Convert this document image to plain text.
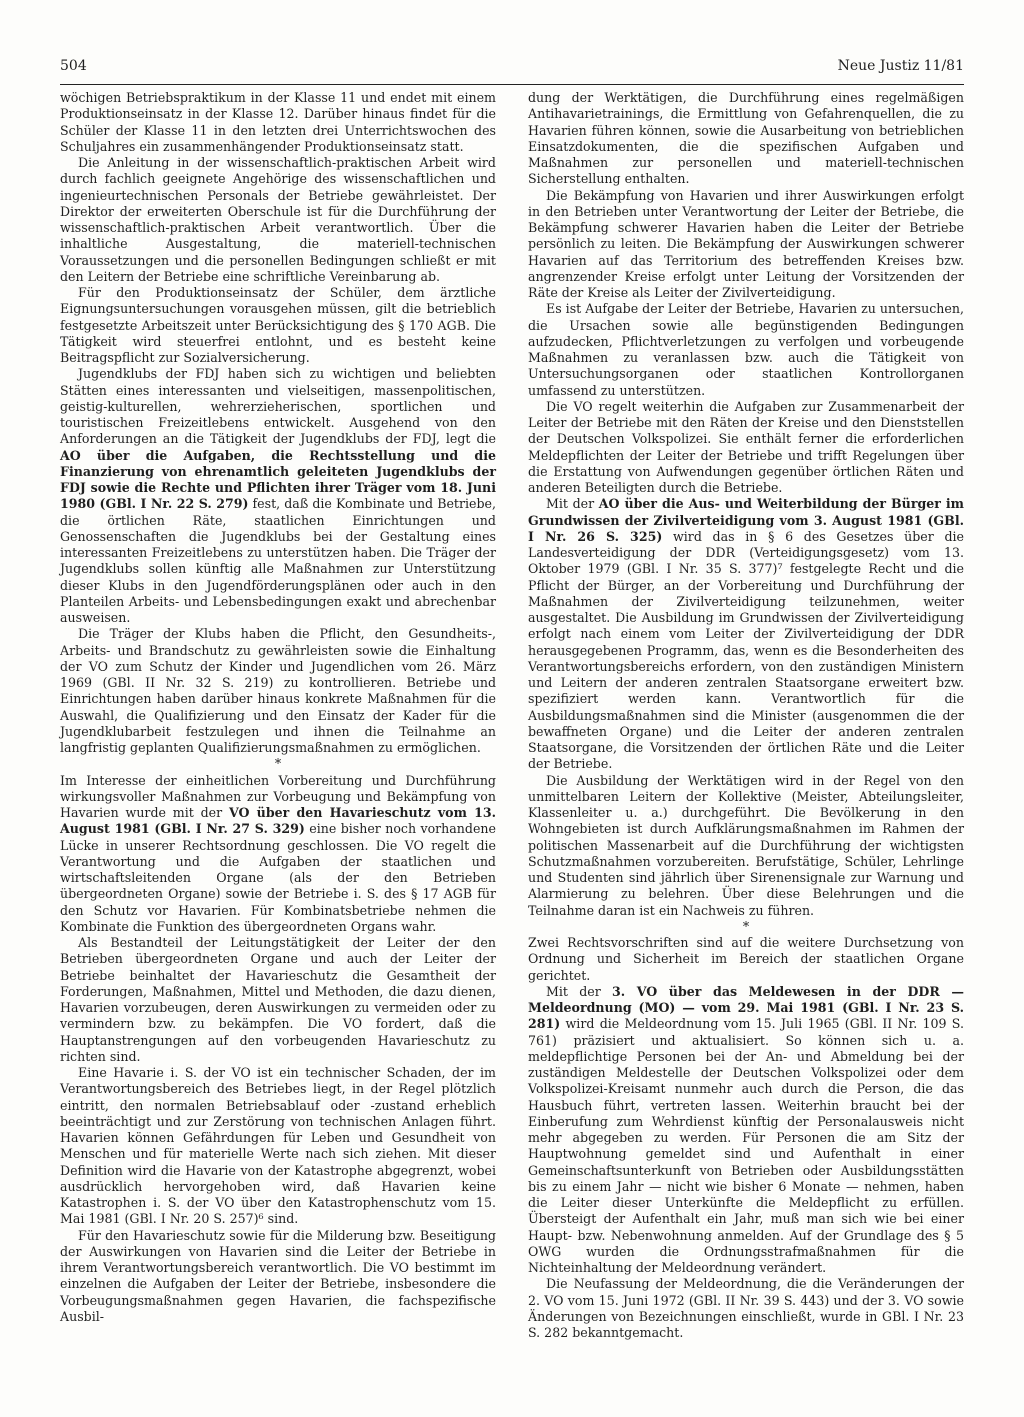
504	Neue Justiz 11/81

wöchigen Betriebspraktikum in der Klasse 11 und endet mit einem Produktionseinsatz in der Klasse 12. Darüber hinaus findet für die Schüler der Klasse 11 in den letzten drei Unterrichtswochen des Schuljahres ein zusammenhängender Produktionseinsatz statt.

Die Anleitung in der wissenschaftlich-praktischen Arbeit wird durch fachlich geeignete Angehörige des wissenschaftlichen und ingenieurtechnischen Personals der Betriebe gewährleistet. Der Direktor der erweiterten Oberschule ist für die Durchführung der wissenschaftlich-praktischen Arbeit verantwortlich. Über die inhaltliche Ausgestaltung, die materiell-technischen Voraussetzungen und die personellen Bedingungen schließt er mit den Leitern der Betriebe eine schriftliche Vereinbarung ab.

Für den Produktionseinsatz der Schüler, dem ärztliche Eignungsuntersuchungen vorausgehen müssen, gilt die betrieblich festgesetzte Arbeitszeit unter Berücksichtigung des § 170 AGB. Die Tätigkeit wird steuerfrei entlohnt, und es besteht keine Beitragspflicht zur Sozialversicherung.

Jugendklubs der FDJ haben sich zu wichtigen und beliebten Stätten eines interessanten und vielseitigen, massenpolitischen, geistig-kulturellen, wehrerzieherischen, sportlichen und touristischen Freizeitlebens entwickelt. Ausgehend von den Anforderungen an die Tätigkeit der Jugendklubs der FDJ, legt die AO über die Aufgaben, die Rechtsstellung und die Finanzierung von ehrenamtlich geleiteten Jugendklubs der FDJ sowie die Rechte und Pflichten ihrer Träger vom 18. Juni 1980 (GBl. I Nr. 22 S. 279) fest, daß die Kombinate und Betriebe, die örtlichen Räte, staatlichen Einrichtungen und Genossenschaften die Jugendklubs bei der Gestaltung eines interessanten Freizeitlebens zu unterstützen haben. Die Träger der Jugendklubs sollen künftig alle Maßnahmen zur Unterstützung dieser Klubs in den Jugendförderungsplänen oder auch in den Planteilen Arbeits- und Lebensbedingungen exakt und abrechenbar ausweisen.

Die Träger der Klubs haben die Pflicht, den Gesundheits-, Arbeits- und Brandschutz zu gewährleisten sowie die Einhaltung der VO zum Schutz der Kinder und Jugendlichen vom 26. März 1969 (GBl. II Nr. 32 S. 219) zu kontrollieren. Betriebe und Einrichtungen haben darüber hinaus konkrete Maßnahmen für die Auswahl, die Qualifizierung und den Einsatz der Kader für die Jugendklubarbeit festzulegen und ihnen die Teilnahme an langfristig geplanten Qualifizierungsmaßnahmen zu ermöglichen.

*

Im Interesse der einheitlichen Vorbereitung und Durchführung wirkungsvoller Maßnahmen zur Vorbeugung und Bekämpfung von Havarien wurde mit der VO über den Havarieschutz vom 13. August 1981 (GBl. I Nr. 27 S. 329) eine bisher noch vorhandene Lücke in unserer Rechtsordnung geschlossen. Die VO regelt die Verantwortung und die Aufgaben der staatlichen und wirtschaftsleitenden Organe (als der den Betrieben übergeordneten Organe) sowie der Betriebe i. S. des § 17 AGB für den Schutz vor Havarien. Für Kombinatsbetriebe nehmen die Kombinate die Funktion des übergeordneten Organs wahr.

Als Bestandteil der Leitungstätigkeit der Leiter der den Betrieben übergeordneten Organe und auch der Leiter der Betriebe beinhaltet der Havarieschutz die Gesamtheit der Forderungen, Maßnahmen, Mittel und Methoden, die dazu dienen, Havarien vorzubeugen, deren Auswirkungen zu vermeiden oder zu vermindern bzw. zu bekämpfen. Die VO fordert, daß die Hauptanstrengungen auf den vorbeugenden Havarieschutz zu richten sind.

Eine Havarie i. S. der VO ist ein technischer Schaden, der im Verantwortungsbereich des Betriebes liegt, in der Regel plötzlich eintritt, den normalen Betriebsablauf oder -zustand erheblich beeinträchtigt und zur Zerstörung von technischen Anlagen führt. Havarien können Gefährdungen für Leben und Gesundheit von Menschen und für materielle Werte nach sich ziehen. Mit dieser Definition wird die Havarie von der Katastrophe abgegrenzt, wobei ausdrücklich hervorgehoben wird, daß Havarien keine Katastrophen i. S. der VO über den Katastrophenschutz vom 15. Mai 1981 (GBl. I Nr. 20 S. 257)⁶ sind.

Für den Havarieschutz sowie für die Milderung bzw. Beseitigung der Auswirkungen von Havarien sind die Leiter der Betriebe in ihrem Verantwortungsbereich verantwortlich. Die VO bestimmt im einzelnen die Aufgaben der Leiter der Betriebe, insbesondere die Vorbeugungsmaßnahmen gegen Havarien, die fachspezifische Ausbil-

dung der Werktätigen, die Durchführung eines regelmäßigen Antihavarietrainings, die Ermittlung von Gefahrenquellen, die zu Havarien führen können, sowie die Ausarbeitung von betrieblichen Einsatzdokumenten, die die spezifischen Aufgaben und Maßnahmen zur personellen und materiell-technischen Sicherstellung enthalten.

Die Bekämpfung von Havarien und ihrer Auswirkungen erfolgt in den Betrieben unter Verantwortung der Leiter der Betriebe, die Bekämpfung schwerer Havarien haben die Leiter der Betriebe persönlich zu leiten. Die Bekämpfung der Auswirkungen schwerer Havarien auf das Territorium des betreffenden Kreises bzw. angrenzender Kreise erfolgt unter Leitung der Vorsitzenden der Räte der Kreise als Leiter der Zivilverteidigung.

Es ist Aufgabe der Leiter der Betriebe, Havarien zu untersuchen, die Ursachen sowie alle begünstigenden Bedingungen aufzudecken, Pflichtverletzungen zu verfolgen und vorbeugende Maßnahmen zu veranlassen bzw. auch die Tätigkeit von Untersuchungsorganen oder staatlichen Kontrollorganen umfassend zu unterstützen.

Die VO regelt weiterhin die Aufgaben zur Zusammenarbeit der Leiter der Betriebe mit den Räten der Kreise und den Dienststellen der Deutschen Volkspolizei. Sie enthält ferner die erforderlichen Meldepflichten der Leiter der Betriebe und trifft Regelungen über die Erstattung von Aufwendungen gegenüber örtlichen Räten und anderen Beteiligten durch die Betriebe.

Mit der AO über die Aus- und Weiterbildung der Bürger im Grundwissen der Zivilverteidigung vom 3. August 1981 (GBl. I Nr. 26 S. 325) wird das in § 6 des Gesetzes über die Landesverteidigung der DDR (Verteidigungsgesetz) vom 13. Oktober 1979 (GBl. I Nr. 35 S. 377)⁷ festgelegte Recht und die Pflicht der Bürger, an der Vorbereitung und Durchführung der Maßnahmen der Zivilverteidigung teilzunehmen, weiter ausgestaltet. Die Ausbildung im Grundwissen der Zivilverteidigung erfolgt nach einem vom Leiter der Zivilverteidigung der DDR herausgegebenen Programm, das, wenn es die Besonderheiten des Verantwortungsbereichs erfordern, von den zuständigen Ministern und Leitern der anderen zentralen Staatsorgane erweitert bzw. spezifiziert werden kann. Verantwortlich für die Ausbildungsmaßnahmen sind die Minister (ausgenommen die der bewaffneten Organe) und die Leiter der anderen zentralen Staatsorgane, die Vorsitzenden der örtlichen Räte und die Leiter der Betriebe.

Die Ausbildung der Werktätigen wird in der Regel von den unmittelbaren Leitern der Kollektive (Meister, Abteilungsleiter, Klassenleiter u. a.) durchgeführt. Die Bevölkerung in den Wohngebieten ist durch Aufklärungsmaßnahmen im Rahmen der politischen Massenarbeit auf die Durchführung der wichtigsten Schutzmaßnahmen vorzubereiten. Berufstätige, Schüler, Lehrlinge und Studenten sind jährlich über Sirenensignale zur Warnung und Alarmierung zu belehren. Über diese Belehrungen und die Teilnahme daran ist ein Nachweis zu führen.

*

Zwei Rechtsvorschriften sind auf die weitere Durchsetzung von Ordnung und Sicherheit im Bereich der staatlichen Organe gerichtet.

Mit der 3. VO über das Meldewesen in der DDR — Meldeordnung (MO) — vom 29. Mai 1981 (GBl. I Nr. 23 S. 281) wird die Meldeordnung vom 15. Juli 1965 (GBl. II Nr. 109 S. 761) präzisiert und aktualisiert. So können sich u. a. meldepflichtige Personen bei der An- und Abmeldung bei der zuständigen Meldestelle der Deutschen Volkspolizei oder dem Volkspolizei-Kreisamt nunmehr auch durch die Person, die das Hausbuch führt, vertreten lassen. Weiterhin braucht bei der Einberufung zum Wehrdienst künftig der Personalausweis nicht mehr abgegeben zu werden. Für Personen die am Sitz der Hauptwohnung gemeldet sind und Aufenthalt in einer Gemeinschaftsunterkunft von Betrieben oder Ausbildungsstätten bis zu einem Jahr — nicht wie bisher 6 Monate — nehmen, haben die Leiter dieser Unterkünfte die Meldepflicht zu erfüllen. Übersteigt der Aufenthalt ein Jahr, muß man sich wie bei einer Haupt- bzw. Nebenwohnung anmelden. Auf der Grundlage des § 5 OWG wurden die Ordnungsstrafmaßnahmen für die Nichteinhaltung der Meldeordnung verändert.

Die Neufassung der Meldeordnung, die die Veränderungen der 2. VO vom 15. Juni 1972 (GBl. II Nr. 39 S. 443) und der 3. VO sowie Änderungen von Bezeichnungen einschließt, wurde in GBl. I Nr. 23 S. 282 bekanntgemacht.
